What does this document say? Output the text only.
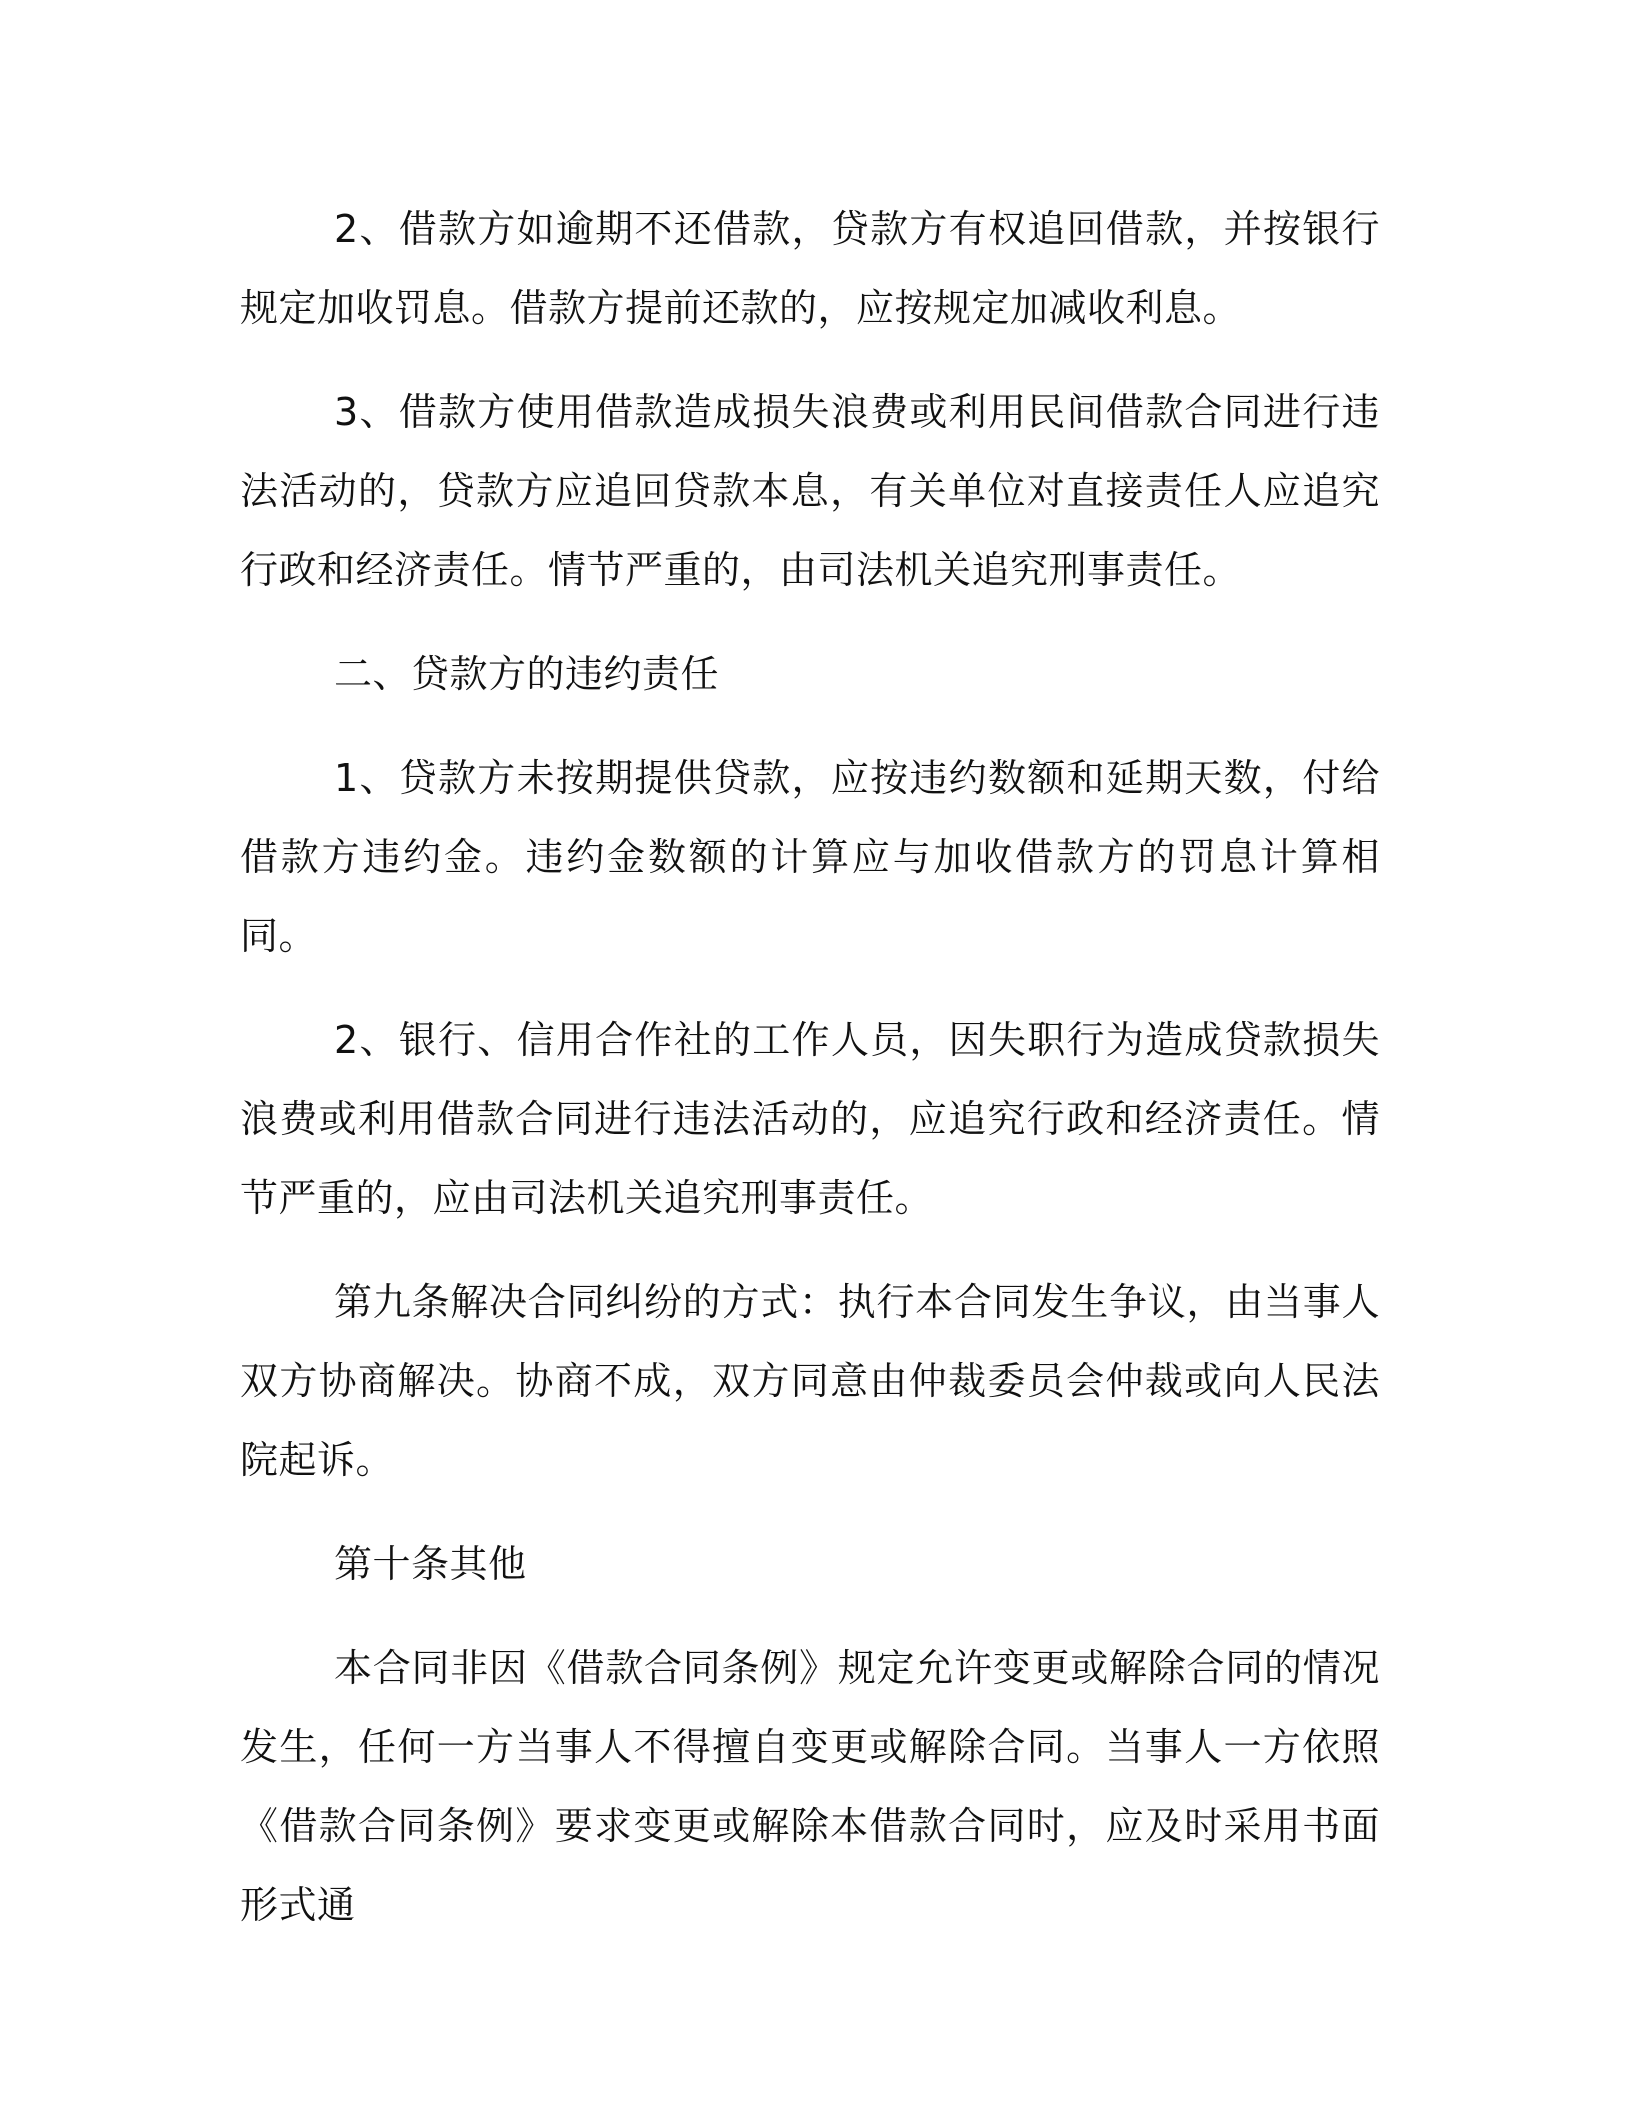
2、借款方如逾期不还借款，贷款方有权追回借款，并按银行规定加收罚息。借款方提前还款的，应按规定加减收利息。

3、借款方使用借款造成损失浪费或利用民间借款合同进行违法活动的，贷款方应追回贷款本息，有关单位对直接责任人应追究行政和经济责任。情节严重的，由司法机关追究刑事责任。

二、贷款方的违约责任

1、贷款方未按期提供贷款，应按违约数额和延期天数，付给借款方违约金。违约金数额的计算应与加收借款方的罚息计算相同。

2、银行、信用合作社的工作人员，因失职行为造成贷款损失浪费或利用借款合同进行违法活动的，应追究行政和经济责任。情节严重的，应由司法机关追究刑事责任。

第九条解决合同纠纷的方式：执行本合同发生争议，由当事人双方协商解决。协商不成，双方同意由仲裁委员会仲裁或向人民法院起诉。

第十条其他

本合同非因《借款合同条例》规定允许变更或解除合同的情况发生，任何一方当事人不得擅自变更或解除合同。当事人一方依照《借款合同条例》要求变更或解除本借款合同时，应及时采用书面形式通
